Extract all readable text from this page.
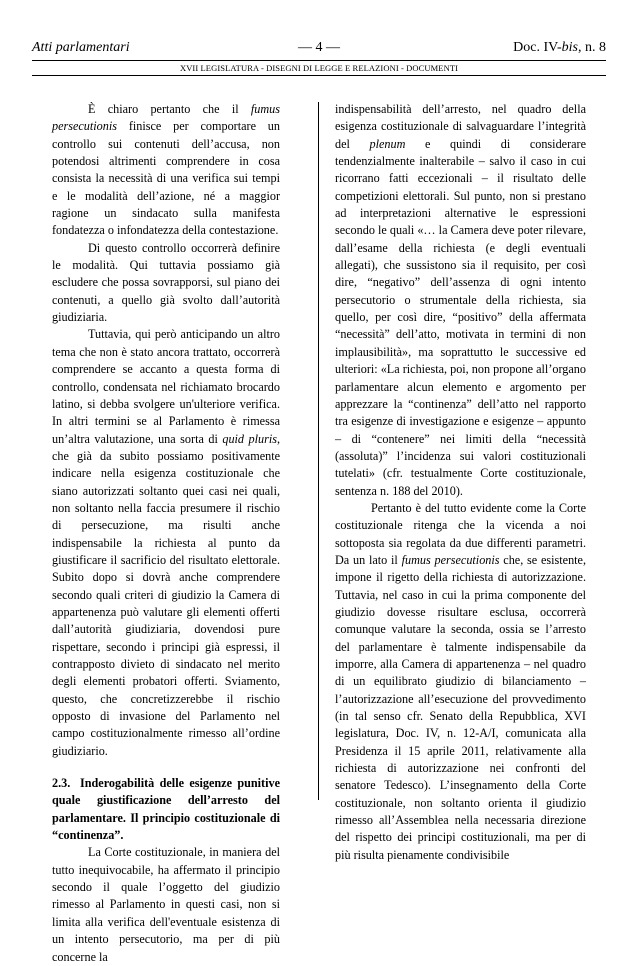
Atti parlamentari	— 4 —	Doc. IV-bis, n. 8
XVII LEGISLATURA - DISEGNI DI LEGGE E RELAZIONI - DOCUMENTI

È chiaro pertanto che il fumus persecutionis finisce per comportare un controllo sui contenuti dell’accusa, non potendosi altrimenti comprendere in cosa consista la necessità di una verifica sui tempi e le modalità dell’azione, né a maggior ragione un sindacato sulla manifesta fondatezza o infondatezza della contestazione.

Di questo controllo occorrerà definire le modalità. Qui tuttavia possiamo già escludere che possa sovrapporsi, sul piano dei contenuti, a quello già svolto dall’autorità giudiziaria.

Tuttavia, qui però anticipando un altro tema che non è stato ancora trattato, occorrerà comprendere se accanto a questa forma di controllo, condensata nel richiamato brocardo latino, si debba svolgere un'ulteriore verifica. In altri termini se al Parlamento è rimessa un’altra valutazione, una sorta di quid pluris, che già da subito possiamo positivamente indicare nella esigenza costituzionale che siano autorizzati soltanto quei casi nei quali, non soltanto nella faccia presumere il rischio di persecuzione, ma risulti anche indispensabile la richiesta al punto da giustificare il sacrificio del risultato elettorale. Subito dopo si dovrà anche comprendere secondo quali criteri di giudizio la Camera di appartenenza può valutare gli elementi offerti dall’autorità giudiziaria, dovendosi pure rispettare, secondo i principi già espressi, il contrapposto divieto di sindacato nel merito degli elementi probatori offerti. Sviamento, questo, che concretizzerebbe il rischio opposto di invasione del Parlamento nel campo costituzionalmente rimesso all’ordine giudiziario.

2.3. Inderogabilità delle esigenze punitive quale giustificazione dell’arresto del parlamentare. Il principio costituzionale di “continenza”.

La Corte costituzionale, in maniera del tutto inequivocabile, ha affermato il principio secondo il quale l’oggetto del giudizio rimesso al Parlamento in questi casi, non si limita alla verifica dell'eventuale esistenza di un intento persecutorio, ma per di più concerne la

indispensabilità dell’arresto, nel quadro della esigenza costituzionale di salvaguardare l’integrità del plenum e quindi di considerare tendenzialmente inalterabile – salvo il caso in cui ricorrano fatti eccezionali – il risultato delle competizioni elettorali. Sul punto, non si prestano ad interpretazioni alternative le espressioni secondo le quali «… la Camera deve poter rilevare, dall’esame della richiesta (e degli eventuali allegati), che sussistono sia il requisito, per così dire, “negativo” dell’assenza di ogni intento persecutorio o strumentale della richiesta, sia quello, per così dire, “positivo” della affermata “necessità” dell’atto, motivata in termini di non implausibilità», ma soprattutto le successive ed ulteriori: «La richiesta, poi, non propone all’organo parlamentare alcun elemento e argomento per apprezzare la “continenza” dell’atto nel rapporto tra esigenze di investigazione e esigenze – appunto – di “contenere” nei limiti della “necessità (assoluta)” l’incidenza sui valori costituzionali tutelati» (cfr. testualmente Corte costituzionale, sentenza n. 188 del 2010).

Pertanto è del tutto evidente come la Corte costituzionale ritenga che la vicenda a noi sottoposta sia regolata da due differenti parametri. Da un lato il fumus persecutionis che, se esistente, impone il rigetto della richiesta di autorizzazione. Tuttavia, nel caso in cui la prima componente del giudizio dovesse risultare esclusa, occorrerà comunque valutare la seconda, ossia se l’arresto del parlamentare è talmente indispensabile da imporre, alla Camera di appartenenza – nel quadro di un equilibrato giudizio di bilanciamento – l’autorizzazione all’esecuzione del provvedimento (in tal senso cfr. Senato della Repubblica, XVI legislatura, Doc. IV, n. 12-A/I, comunicata alla Presidenza il 15 aprile 2011, relativamente alla richiesta di autorizzazione nei confronti del senatore Tedesco). L’insegnamento della Corte costituzionale, non soltanto orienta il giudizio rimesso all’Assemblea nella necessaria direzione del rispetto dei principi costituzionali, ma per di più risulta pienamente condivisibile
